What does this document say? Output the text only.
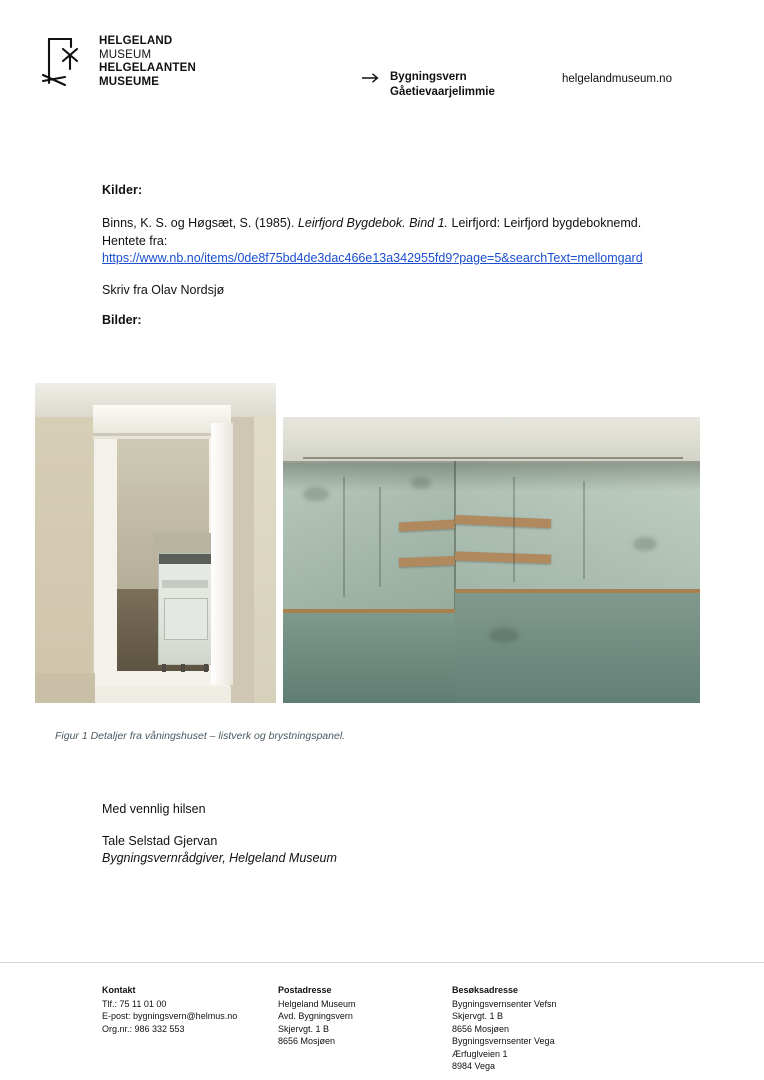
HELGELAND
MUSEUM
HELGELAANTEN
MUSEUME	Bygningsvern
Gåetievaarjelimmie
helgelandmuseum.no
Kilder:

Binns, K. S. og Høgsæt, S. (1985). Leirfjord Bygdebok. Bind 1. Leirfjord: Leirfjord bygdeboknemd. Hentete fra:
https://www.nb.no/items/0de8f75bd4de3dac466e13a342955fd9?page=5&searchText=mellomgard

Skriv fra Olav Nordsjø

Bilder:
Figur 1 Detaljer fra våningshuset – listverk og brystningspanel.

Med vennlig hilsen

Tale Selstad Gjervan

Bygningsvernrådgiver, Helgeland Museum

Kontakt
Tlf.: 75 11 01 00
E-post: bygningsvern@helmus.no
Org.nr.: 986 332 553
Postadresse
Helgeland Museum
Avd. Bygningsvern
Skjervgt. 1 B
8656 Mosjøen
Besøksadresse
Bygningsvernsenter Vefsn
Skjervgt. 1 B
8656 Mosjøen
Bygningsvernsenter Vega
Ærfuglveien 1
8984 Vega
